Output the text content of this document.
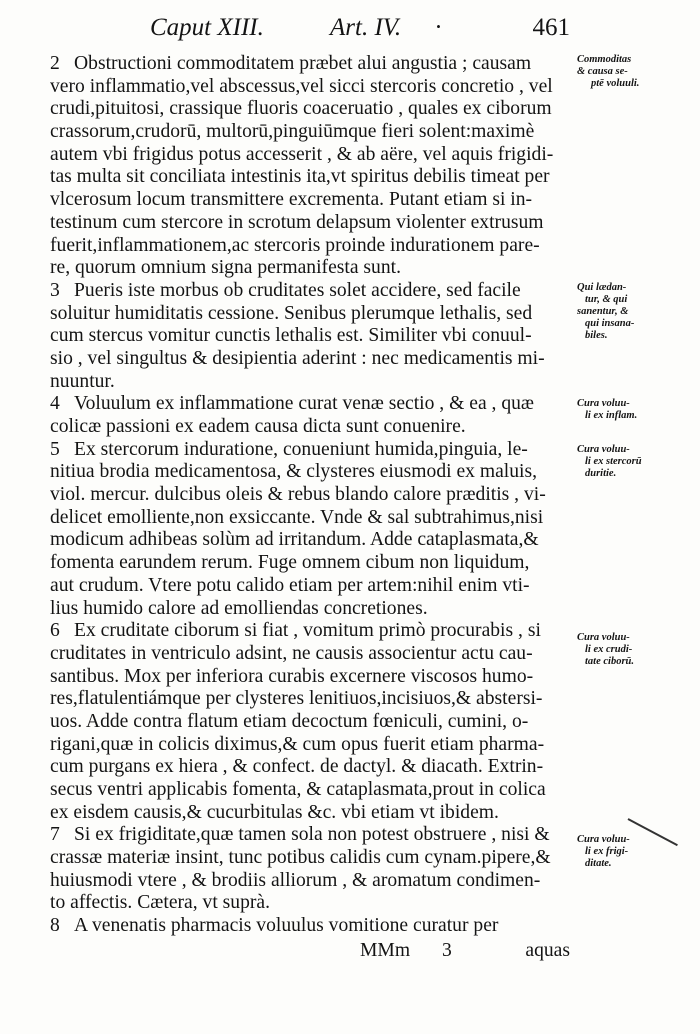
Caput XIII.	Art. IV. ·	461
2 Obstructioni commoditatem præbet alui angustia ; causam
vero inflammatio,vel abscessus,vel sicci stercoris concretio , vel
crudi,pituitosi, crassique fluoris coaceruatio , quales ex ciborum
crassorum,crudorū, multorū,pinguiūmque fieri solent:maximè
autem vbi frigidus potus accesserit , & ab aëre, vel aquis frigidi-
tas multa sit conciliata intestinis ita,vt spiritus debilis timeat per
vlcerosum locum transmittere excrementa. Putant etiam si in-
testinum cum stercore in scrotum delapsum violenter extrusum
fuerit,inflammationem,ac stercoris proinde indurationem pare-
re, quorum omnium signa permanifesta sunt.
3 Pueris iste morbus ob cruditates solet accidere, sed facile
soluitur humiditatis cessione. Senibus plerumque lethalis, sed
cum stercus vomitur cunctis lethalis est. Similiter vbi conuul-
sio , vel singultus & desipientia aderint : nec medicamentis mi-
nuuntur.
4 Voluulum ex inflammatione curat venæ sectio , & ea , quæ
colicæ passioni ex eadem causa dicta sunt conuenire.
5 Ex stercorum induratione, conueniunt humida,pinguia, le-
nitiua brodia medicamentosa, & clysteres eiusmodi ex maluis,
viol. mercur. dulcibus oleis & rebus blando calore præditis , vi-
delicet emolliente,non exsiccante. Vnde & sal subtrahimus,nisi
modicum adhibeas solùm ad irritandum. Adde cataplasmata,&
fomenta earundem rerum. Fuge omnem cibum non liquidum,
aut crudum. Vtere potu calido etiam per artem:nihil enim vti-
lius humido calore ad emolliendas concretiones.
6 Ex cruditate ciborum si fiat , vomitum primò procurabis , si
cruditates in ventriculo adsint, ne causis associentur actu cau-
santibus. Mox per inferiora curabis excernere viscosos humo-
res,flatulentiámque per clysteres lenitiuos,incisiuos,& abstersi-
uos. Adde contra flatum etiam decoctum fœniculi, cumini, o-
rigani,quæ in colicis diximus,& cum opus fuerit etiam pharma-
cum purgans ex hiera , & confect. de dactyl. & diacath. Extrin-
secus ventri applicabis fomenta, & cataplasmata,prout in colica
ex eisdem causis,& cucurbitulas &c. vbi etiam vt ibidem.
7 Si ex frigiditate,quæ tamen sola non potest obstruere , nisi &
crassæ materiæ insint, tunc potibus calidis cum cynam.pipere,&
huiusmodi vtere , & brodiis alliorum , & aromatum condimen-
to affectis. Cætera, vt suprà.
8 A venenatis pharmacis voluulus vomitione curatur per
Commoditas
& causa se-
ptē voluuli.
Qui lædan-
tur, & qui
sanentur, &
qui insana-
biles.
Cura voluu-
li ex inflam.
Cura voluu-
li ex stercorū
duritie.
Cura voluu-
li ex crudi-
tate ciborū.
Cura voluu-
li ex frigi-
ditate.
MMm 3	aquas
